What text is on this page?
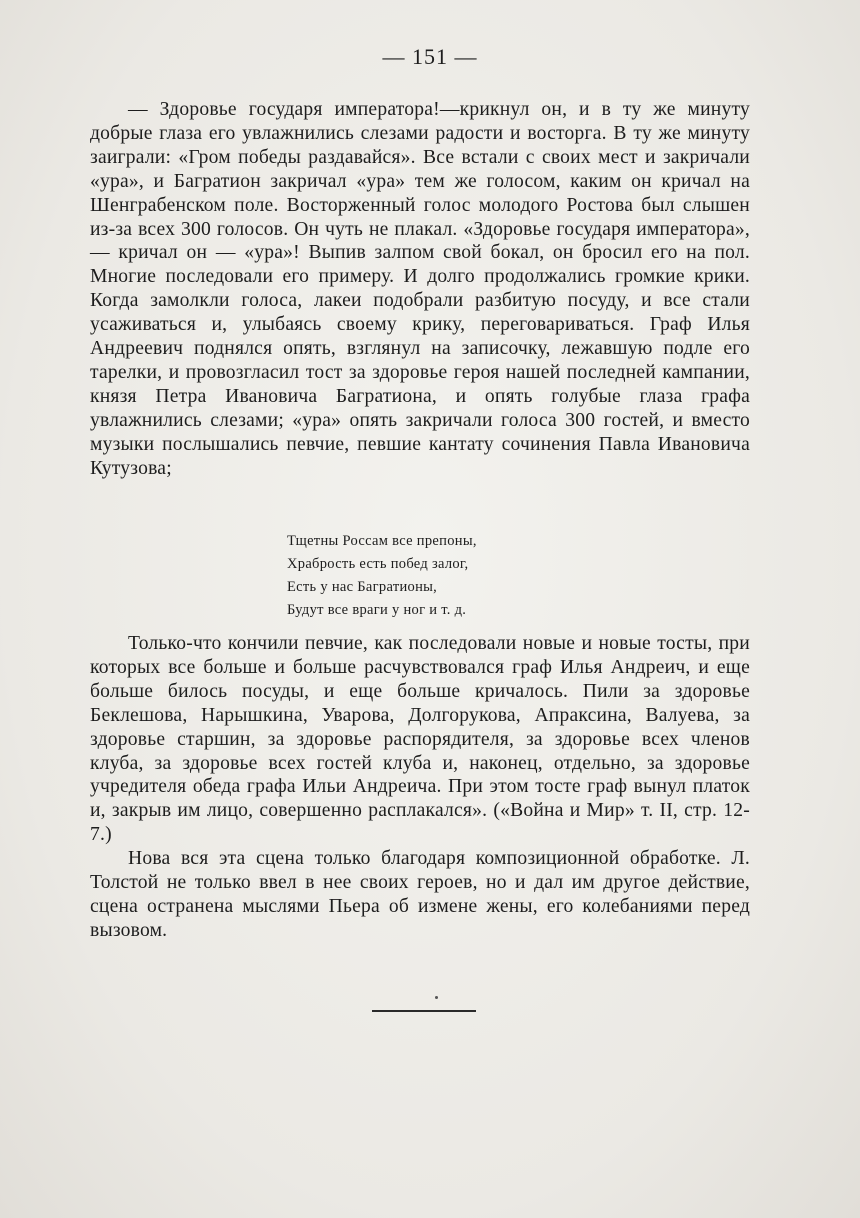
— 151 —

— Здоровье государя императора!—крикнул он, и в ту же минуту добрые глаза его увлажнились слезами радости и восторга. В ту же минуту заиграли: «Гром победы раздавайся». Все встали с своих мест и закричали «ура», и Багратион закричал «ура» тем же голосом, каким он кричал на Шенграбенском поле. Восторженный голос молодого Ростова был слышен из-за всех 300 голосов. Он чуть не плакал. «Здоровье государя императора»,— кричал он — «ура»! Выпив залпом свой бокал, он бросил его на пол. Многие последовали его примеру. И долго продолжались громкие крики. Когда замолкли голоса, лакеи подобрали разбитую посуду, и все стали усаживаться и, улыбаясь своему крику, переговариваться. Граф Илья Андреевич поднялся опять, взглянул на записочку, лежавшую подле его тарелки, и провозгласил тост за здоровье героя нашей последней кампании, князя Петра Ивановича Багратиона, и опять голубые глаза графа увлажнились слезами; «ура» опять закричали голоса 300 гостей, и вместо музыки послышались певчие, певшие кантату сочинения Павла Ивановича Кутузова;

Тщетны Россам все препоны,
Храбрость есть побед залог,
Есть у нас Багратионы,
Будут все враги у ног и т. д.

Только-что кончили певчие, как последовали новые и новые тосты, при которых все больше и больше расчувствовался граф Илья Андреич, и еще больше билось посуды, и еще больше кричалось. Пили за здоровье Беклешова, Нарышкина, Уварова, Долгорукова, Апраксина, Валуева, за здоровье старшин, за здоровье распорядителя, за здоровье всех членов клуба, за здоровье всех гостей клуба и, наконец, отдельно, за здоровье учредителя обеда графа Ильи Андреича. При этом тосте граф вынул платок и, закрыв им лицо, совершенно расплакался». («Война и Мир» т. II, стр. 12-7.)

Нова вся эта сцена только благодаря композиционной обработке. Л. Толстой не только ввел в нее своих героев, но и дал им другое действие, сцена остранена мыслями Пьера об измене жены, его колебаниями перед вызовом.
